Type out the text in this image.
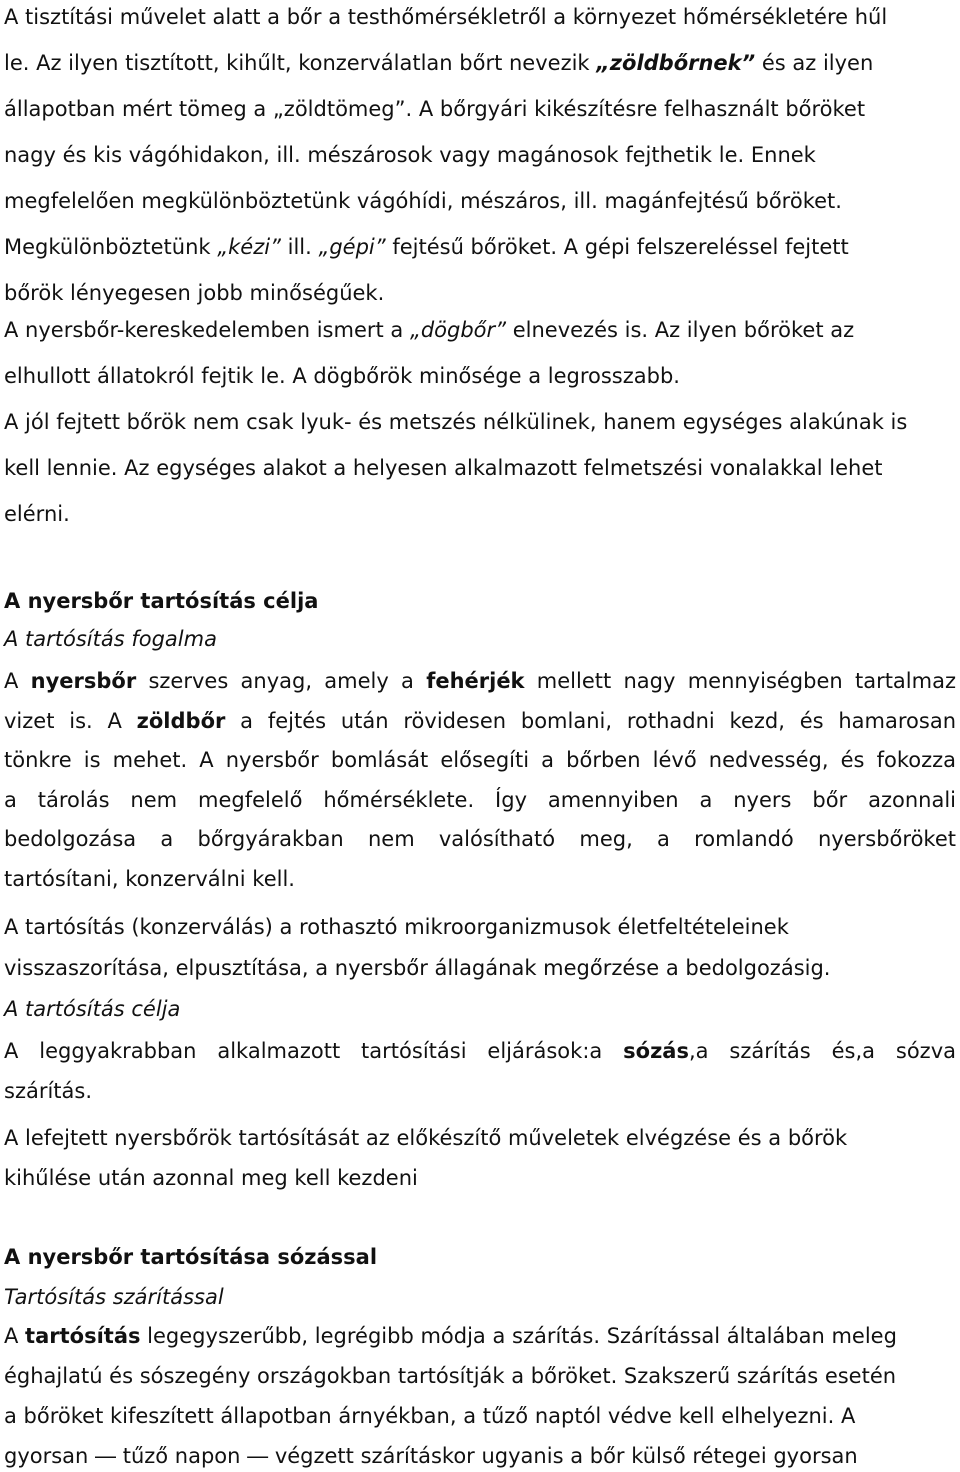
A tisztítási művelet alatt a bőr a testhőmérsékletről a környezet hőmérsékletére hűl
le. Az ilyen tisztított, kihűlt, konzerválatlan bőrt nevezik „zöldbőrnek” és az ilyen
állapotban mért tömeg a „zöldtömeg”. A bőrgyári kikészítésre felhasznált bőröket
nagy és kis vágóhidakon, ill. mészárosok vagy magánosok fejthetik le. Ennek
megfelelően megkülönböztetünk vágóhídi, mészáros, ill. magánfejtésű bőröket.
Megkülönböztetünk „kézi” ill. „gépi” fejtésű bőröket. A gépi felszereléssel fejtett
bőrök lényegesen jobb minőségűek.
A nyersbőr-kereskedelemben ismert a „dögbőr” elnevezés is. Az ilyen bőröket az
elhullott állatokról fejtik le. A dögbőrök minősége a legrosszabb.
A jól fejtett bőrök nem csak lyuk- és metszés nélkülinek, hanem egységes alakúnak is
kell lennie. Az egységes alakot a helyesen alkalmazott felmetszési vonalakkal lehet
elérni.
A nyersbőr tartósítás célja
A tartósítás fogalma
A nyersbőr szerves anyag, amely a fehérjék mellett nagy mennyiségben tartalmaz
vizet is. A zöldbőr a fejtés után rövidesen bomlani, rothadni kezd, és hamarosan
tönkre is mehet. A nyersbőr bomlását elősegíti a bőrben lévő nedvesség, és fokozza
a tárolás nem megfelelő hőmérséklete. Így amennyiben a nyers bőr azonnali
bedolgozása a bőrgyárakban nem valósítható meg, a romlandó nyersbőröket
tartósítani, konzerválni kell.
A tartósítás (konzerválás) a rothasztó mikroorganizmusok életfeltételeinek
visszaszorítása, elpusztítása, a nyersbőr állagának megőrzése a bedolgozásig.
A tartósítás célja
A leggyakrabban alkalmazott tartósítási eljárások:a sózás,a szárítás és,a sózva
szárítás.
A lefejtett nyersbőrök tartósítását az előkészítő műveletek elvégzése és a bőrök
kihűlése után azonnal meg kell kezdeni
A nyersbőr tartósítása sózással
Tartósítás szárítással
A tartósítás legegyszerűbb, legrégibb módja a szárítás. Szárítással általában meleg
éghajlatú és sószegény országokban tartósítják a bőröket. Szakszerű szárítás esetén
a bőröket kifeszített állapotban árnyékban, a tűző naptól védve kell elhelyezni. A
gyorsan ― tűző napon ― végzett szárításkor ugyanis a bőr külső rétegei gyorsan
